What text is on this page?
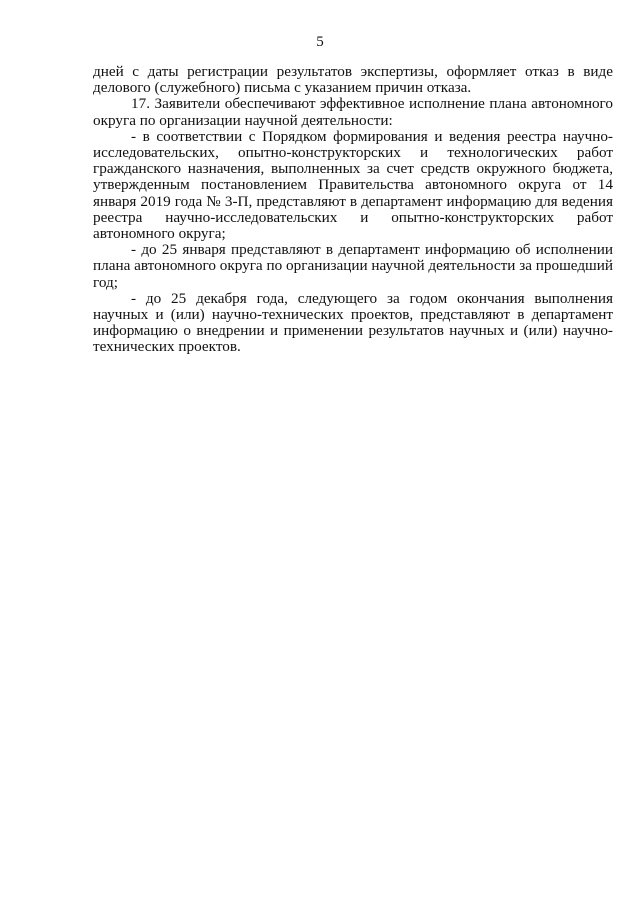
5

дней с даты регистрации результатов экспертизы, оформляет отказ в виде делового (служебного) письма с указанием причин отказа.

17. Заявители обеспечивают эффективное исполнение плана автономного округа по организации научной деятельности:

- в соответствии с Порядком формирования и ведения реестра научно-исследовательских, опытно-конструкторских и технологических работ гражданского назначения, выполненных за счет средств окружного бюджета, утвержденным постановлением Правительства автономного округа от 14 января 2019 года № 3-П, представляют в департамент информацию для ведения реестра научно-исследовательских и опытно-конструкторских работ автономного округа;

- до 25 января представляют в департамент информацию об исполнении плана автономного округа по организации научной деятельности за прошедший год;

- до 25 декабря года, следующего за годом окончания выполнения научных и (или) научно-технических проектов, представляют в департамент информацию о внедрении и применении результатов научных и (или) научно-технических проектов.
